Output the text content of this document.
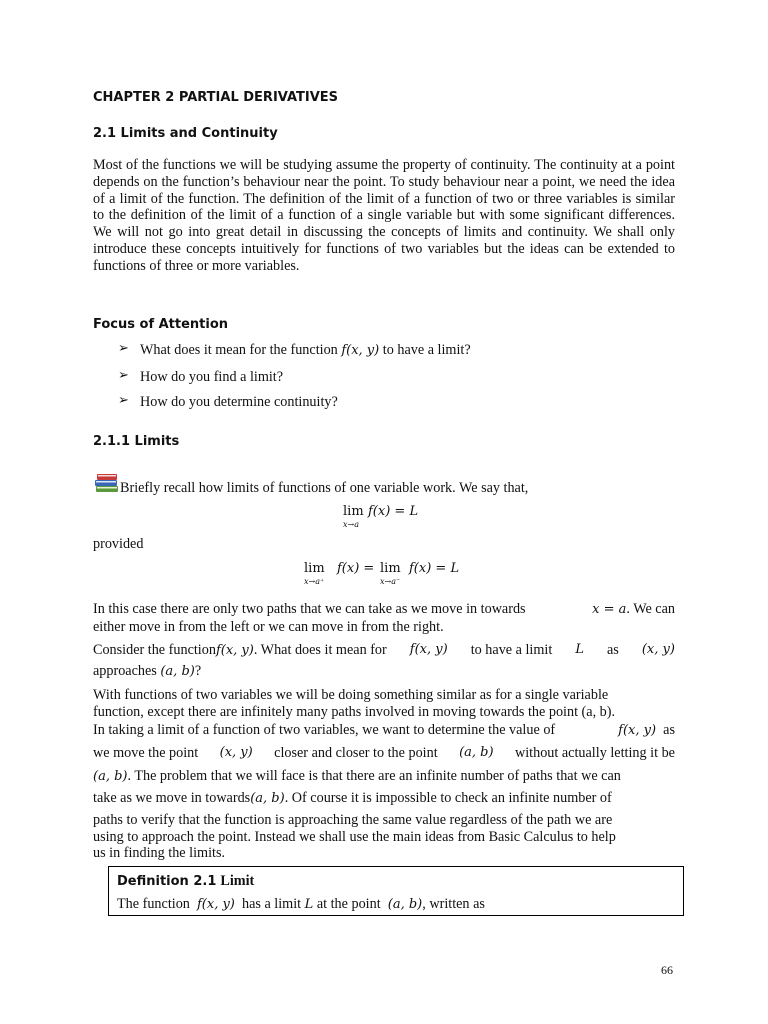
CHAPTER 2 PARTIAL DERIVATIVES
2.1 Limits and Continuity
Most of the functions we will be studying assume the property of continuity. The continuity at a point depends on the function’s behaviour near the point. To study behaviour near a point, we need the idea of a limit of the function. The definition of the limit of a function of two or three variables is similar to the definition of the limit of a function of a single variable but with some significant differences. We will not go into great detail in discussing the concepts of limits and continuity. We shall only introduce these concepts intuitively for functions of two variables but the ideas can be extended to functions of three or more variables.
Focus of Attention
➢ What does it mean for the function f(x, y) to have a limit?
➢ How do you find a limit?
➢ How do you determine continuity?
2.1.1 Limits
Briefly recall how limits of functions of one variable work. We say that,
lim
x→a
f(x) = L
provided
lim
x→a⁺
f(x) = lim
x→a⁻
f(x) = L
In this case there are only two paths that we can take as we move in towards	x = a. We can
either move in from the left or we can move in from the right.
Consider the functionf(x, y). What does it mean for f(x, y) to have a limit L as (x, y)
approaches (a, b)?
With functions of two variables we will be doing something similar as for a single variable
function, except there are infinitely many paths involved in moving towards the point (a, b).
In taking a limit of a function of two variables, we want to determine the value of	f(x, y) as
we move the point (x, y) closer and closer to the point (a, b) without actually letting it be
(a, b). The problem that we will face is that there are an infinite number of paths that we can
take as we move in towards(a, b). Of course it is impossible to check an infinite number of
paths to verify that the function is approaching the same value regardless of the path we are
using to approach the point. Instead we shall use the main ideas from Basic Calculus to help
us in finding the limits.
Definition 2.1 Limit
The function f(x, y) has a limit L at the point (a, b), written as
66
